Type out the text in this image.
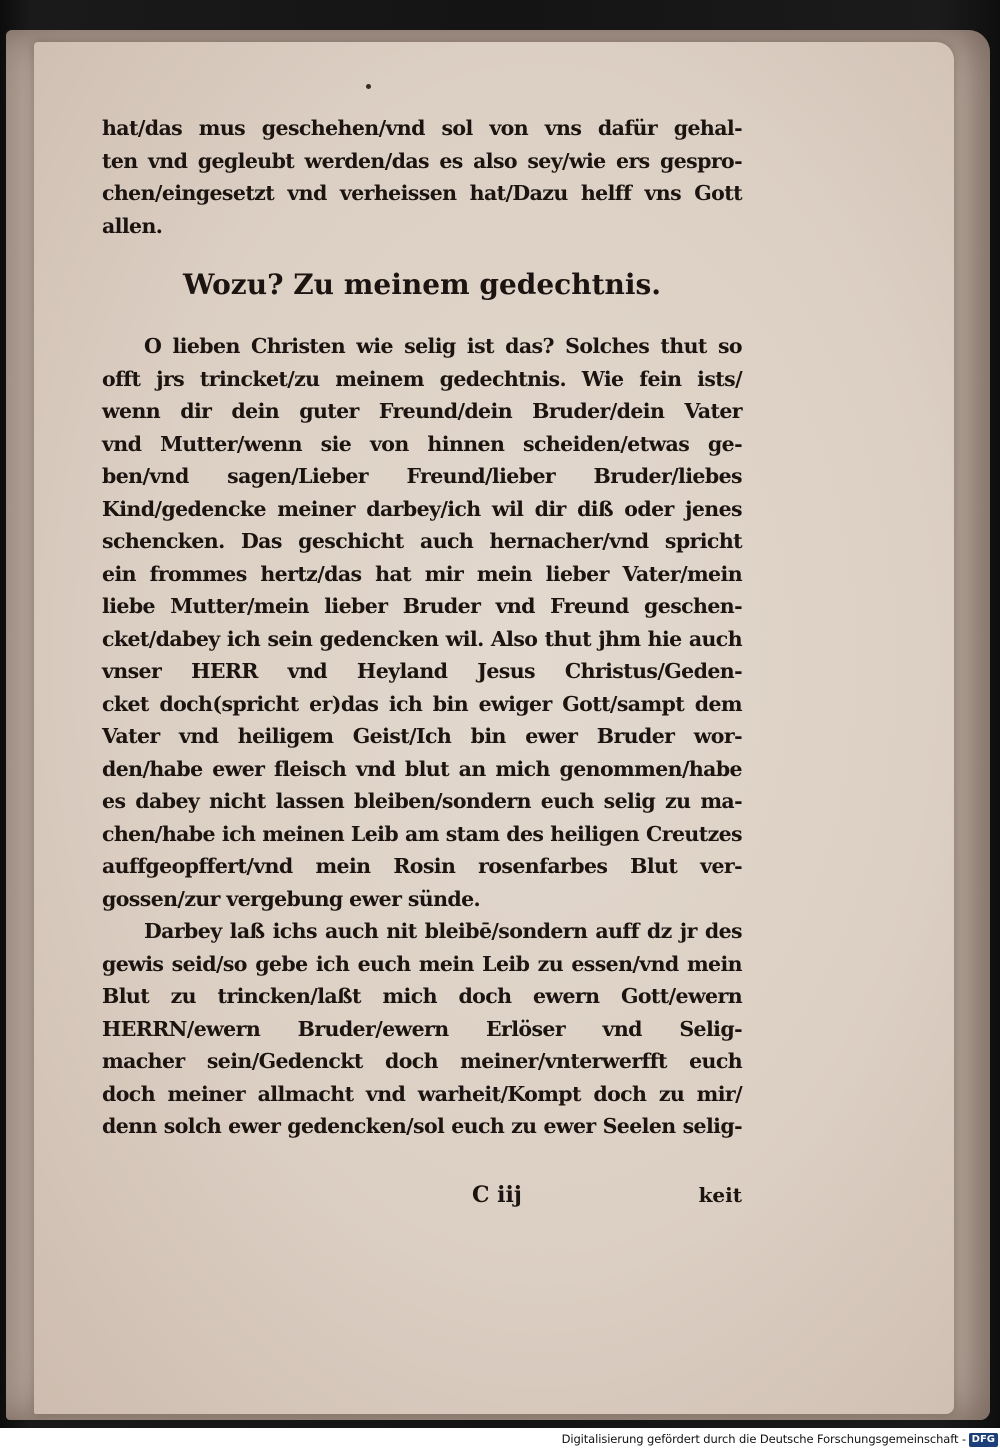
hat/das mus geschehen/vnd sol von vns dafür gehal-
ten vnd gegleubt werden/das es also sey/wie ers gespro-
chen/eingesetzt vnd verheissen hat/Dazu helff vns Gott
allen.
Wozu? Zu meinem gedechtnis.
O lieben Christen wie selig ist das? Solches thut so
offt jrs trincket/zu meinem gedechtnis. Wie fein ists/
wenn dir dein guter Freund/dein Bruder/dein Vater
vnd Mutter/wenn sie von hinnen scheiden/etwas ge-
ben/vnd sagen/Lieber Freund/lieber Bruder/liebes
Kind/gedencke meiner darbey/ich wil dir diß oder jenes
schencken. Das geschicht auch hernacher/vnd spricht
ein frommes hertz/das hat mir mein lieber Vater/mein
liebe Mutter/mein lieber Bruder vnd Freund geschen-
cket/dabey ich sein gedencken wil. Also thut jhm hie auch
vnser HERR vnd Heyland Jesus Christus/Geden-
cket doch(spricht er)das ich bin ewiger Gott/sampt dem
Vater vnd heiligem Geist/Ich bin ewer Bruder wor-
den/habe ewer fleisch vnd blut an mich genommen/habe
es dabey nicht lassen bleiben/sondern euch selig zu ma-
chen/habe ich meinen Leib am stam des heiligen Creutzes
auffgeopffert/vnd mein Rosin rosenfarbes Blut ver-
gossen/zur vergebung ewer sünde.
Darbey laß ichs auch nit bleibē/sondern auff dz jr des
gewis seid/so gebe ich euch mein Leib zu essen/vnd mein
Blut zu trincken/laßt mich doch ewern Gott/ewern
HERRN/ewern Bruder/ewern Erlöser vnd Selig-
macher sein/Gedenckt doch meiner/vnterwerfft euch
doch meiner allmacht vnd warheit/Kompt doch zu mir/
denn solch ewer gedencken/sol euch zu ewer Seelen selig-
C iij	keit
Digitalisierung gefördert durch die Deutsche Forschungsgemeinschaft - DFG
